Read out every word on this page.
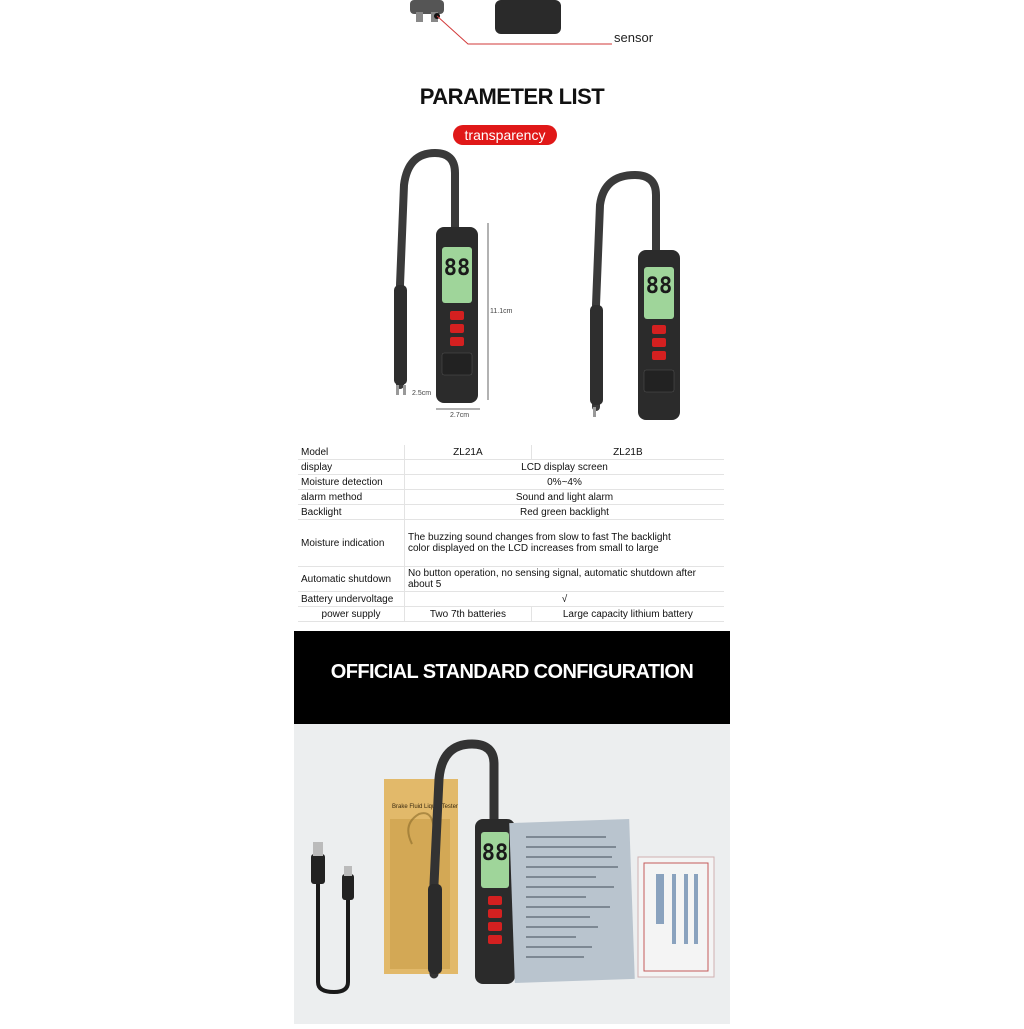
sensor
PARAMETER LIST
transparency
88
11.1cm
2.7cm
2.5cm
88
Model	ZL21A	ZL21B
display	LCD display screen	
Moisture detection	0%~4%	
alarm method	Sound and light alarm	
Backlight	Red green backlight	
Moisture indication	The buzzing sound changes from slow to fast The backlight color displayed on the LCD increases from small to large	
Automatic shutdown	No button operation, no sensing signal, automatic shutdown after about 5	
Battery undervoltage	√	
power supply	Two 7th batteries	Large capacity lithium battery
OFFICIAL STANDARD CONFIGURATION
Brake Fluid Liquid Tester
88
